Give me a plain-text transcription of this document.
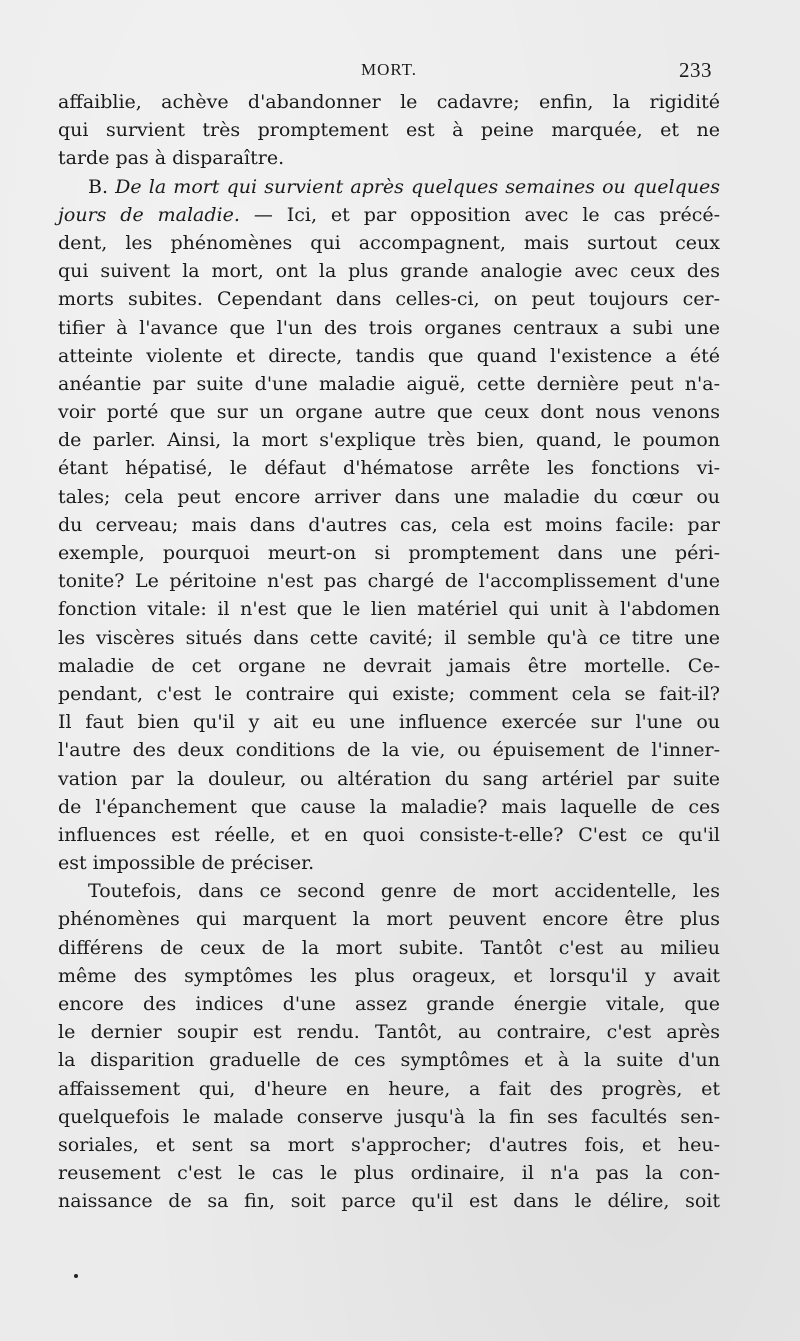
MORT.	233
affaiblie, achève d'abandonner le cadavre; enfin, la rigidité
qui survient très promptement est à peine marquée, et ne
tarde pas à disparaître.
B. De la mort qui survient après quelques semaines ou quelques
jours de maladie. — Ici, et par opposition avec le cas précé-
dent, les phénomènes qui accompagnent, mais surtout ceux
qui suivent la mort, ont la plus grande analogie avec ceux des
morts subites. Cependant dans celles-ci, on peut toujours cer-
tifier à l'avance que l'un des trois organes centraux a subi une
atteinte violente et directe, tandis que quand l'existence a été
anéantie par suite d'une maladie aiguë, cette dernière peut n'a-
voir porté que sur un organe autre que ceux dont nous venons
de parler. Ainsi, la mort s'explique très bien, quand, le poumon
étant hépatisé, le défaut d'hématose arrête les fonctions vi-
tales; cela peut encore arriver dans une maladie du cœur ou
du cerveau; mais dans d'autres cas, cela est moins facile: par
exemple, pourquoi meurt-on si promptement dans une péri-
tonite? Le péritoine n'est pas chargé de l'accomplissement d'une
fonction vitale: il n'est que le lien matériel qui unit à l'abdomen
les viscères situés dans cette cavité; il semble qu'à ce titre une
maladie de cet organe ne devrait jamais être mortelle. Ce-
pendant, c'est le contraire qui existe; comment cela se fait-il?
Il faut bien qu'il y ait eu une influence exercée sur l'une ou
l'autre des deux conditions de la vie, ou épuisement de l'inner-
vation par la douleur, ou altération du sang artériel par suite
de l'épanchement que cause la maladie? mais laquelle de ces
influences est réelle, et en quoi consiste-t-elle? C'est ce qu'il
est impossible de préciser.
Toutefois, dans ce second genre de mort accidentelle, les
phénomènes qui marquent la mort peuvent encore être plus
différens de ceux de la mort subite. Tantôt c'est au milieu
même des symptômes les plus orageux, et lorsqu'il y avait
encore des indices d'une assez grande énergie vitale, que
le dernier soupir est rendu. Tantôt, au contraire, c'est après
la disparition graduelle de ces symptômes et à la suite d'un
affaissement qui, d'heure en heure, a fait des progrès, et
quelquefois le malade conserve jusqu'à la fin ses facultés sen-
soriales, et sent sa mort s'approcher; d'autres fois, et heu-
reusement c'est le cas le plus ordinaire, il n'a pas la con-
naissance de sa fin, soit parce qu'il est dans le délire, soit
